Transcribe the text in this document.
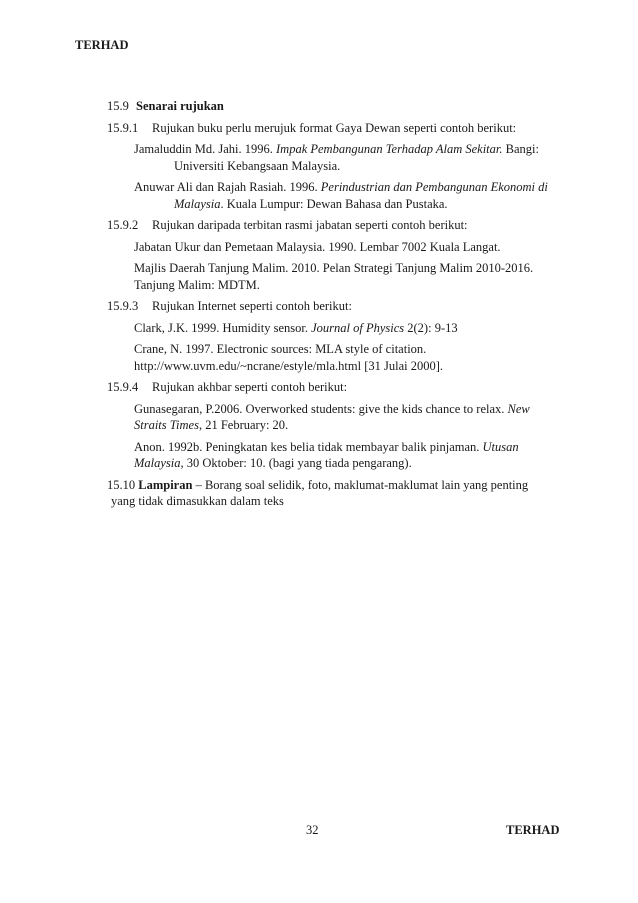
TERHAD
15.9 Senarai rujukan
15.9.1 Rujukan buku perlu merujuk format Gaya Dewan seperti contoh berikut:
Jamaluddin Md. Jahi. 1996. Impak Pembangunan Terhadap Alam Sekitar. Bangi: Universiti Kebangsaan Malaysia.
Anuwar Ali dan Rajah Rasiah. 1996. Perindustrian dan Pembangunan Ekonomi di Malaysia. Kuala Lumpur: Dewan Bahasa dan Pustaka.
15.9.2 Rujukan daripada terbitan rasmi jabatan seperti contoh berikut:
Jabatan Ukur dan Pemetaan Malaysia. 1990. Lembar 7002 Kuala Langat.
Majlis Daerah Tanjung Malim. 2010. Pelan Strategi Tanjung Malim 2010-2016.
Tanjung Malim: MDTM.
15.9.3 Rujukan Internet seperti contoh berikut:
Clark, J.K. 1999. Humidity sensor. Journal of Physics 2(2): 9-13
Crane, N. 1997. Electronic sources: MLA style of citation.
http://www.uvm.edu/~ncrane/estyle/mla.html [31 Julai 2000].
15.9.4 Rujukan akhbar seperti contoh berikut:
Gunasegaran, P.2006. Overworked students: give the kids chance to relax. New Straits Times, 21 February: 20.
Anon. 1992b. Peningkatan kes belia tidak membayar balik pinjaman. Utusan Malaysia, 30 Oktober: 10. (bagi yang tiada pengarang).
15.10 Lampiran – Borang soal selidik, foto, maklumat-maklumat lain yang penting
yang tidak dimasukkan dalam teks
32	TERHAD
